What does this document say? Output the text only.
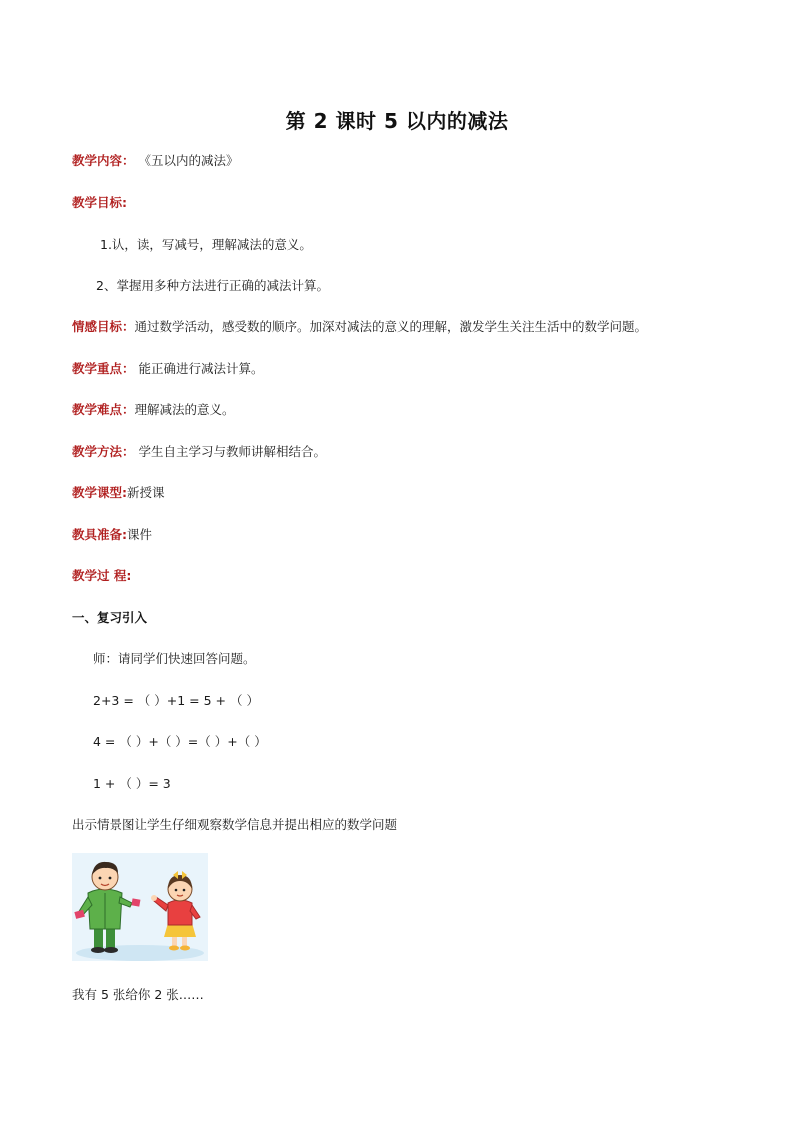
第 2 课时 5 以内的减法
教学内容： 《五以内的减法》
教学目标:
1.认，读，写减号，理解减法的意义。
2、掌握用多种方法进行正确的减法计算。
情感目标：通过数学活动，感受数的顺序。加深对减法的意义的理解，激发学生关注生活中的数学问题。
教学重点： 能正确进行减法计算。
教学难点：理解减法的意义。
教学方法： 学生自主学习与教师讲解相结合。
教学课型:新授课
教具准备:课件
教学过 程:
一、复习引入
师：请同学们快速回答问题。
2+3 = （ ）+1 = 5 + （ ）
4 = （ ）+（ ）=（ ）+（ ）
1 + （ ）= 3
出示情景图让学生仔细观察数学信息并提出相应的数学问题
我有 5 张给你 2 张……
